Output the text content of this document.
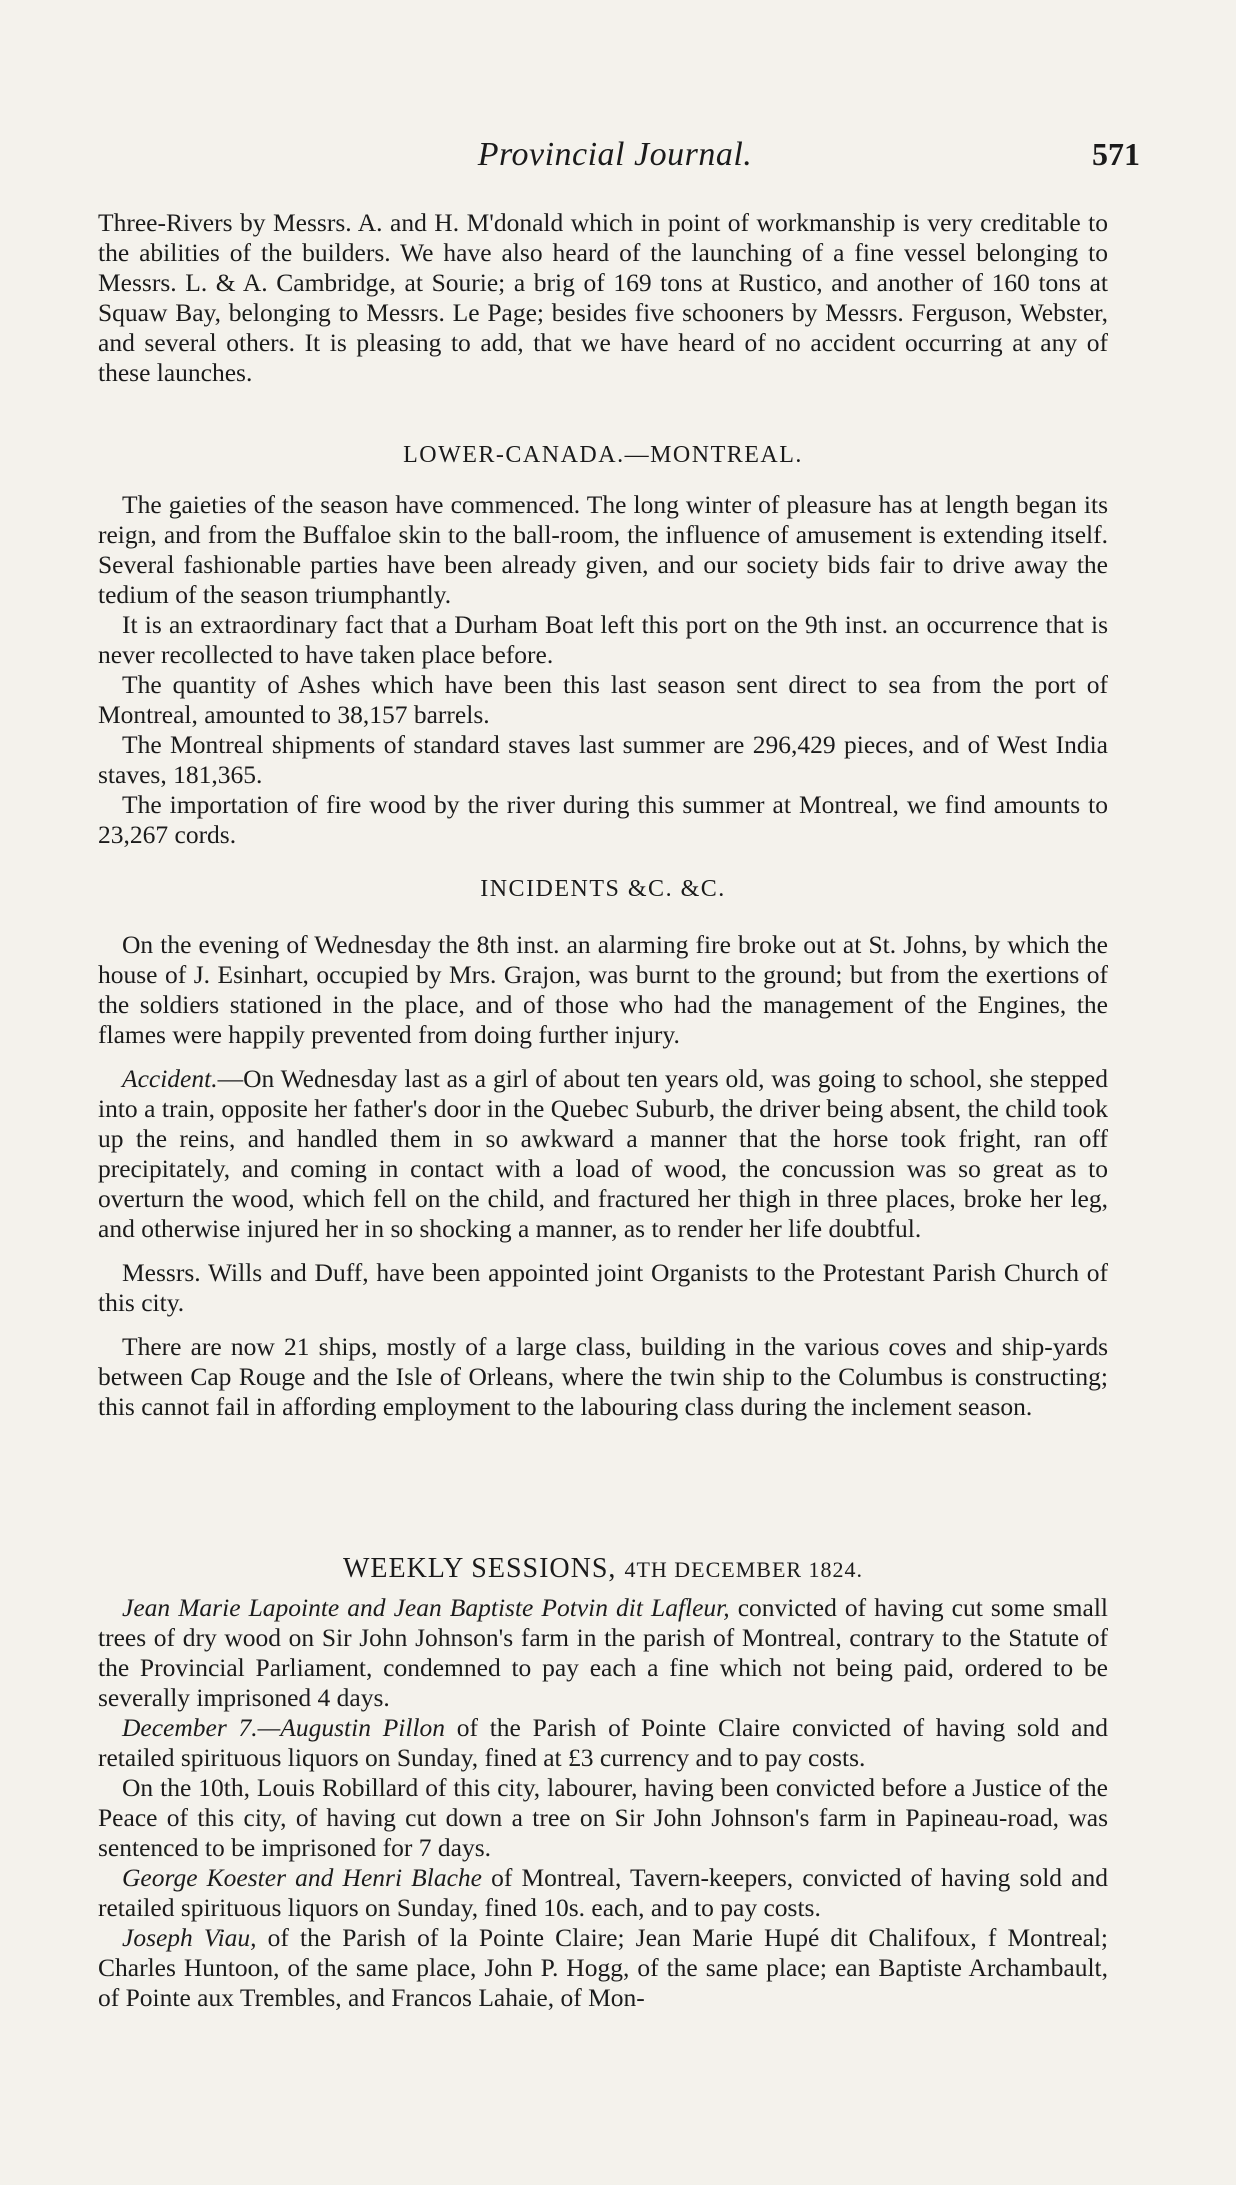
Provincial Journal.	571

Three-Rivers by Messrs. A. and H. M'donald which in point of workmanship is very creditable to the abilities of the builders. We have also heard of the launching of a fine vessel belonging to Messrs. L. & A. Cambridge, at Sourie; a brig of 169 tons at Rustico, and another of 160 tons at Squaw Bay, belonging to Messrs. Le Page; besides five schooners by Messrs. Ferguson, Webster, and several others. It is pleasing to add, that we have heard of no accident occurring at any of these launches.

LOWER-CANADA.—MONTREAL.

The gaieties of the season have commenced. The long winter of pleasure has at length began its reign, and from the Buffaloe skin to the ball-room, the influence of amusement is extending itself. Several fashionable parties have been already given, and our society bids fair to drive away the tedium of the season triumphantly.

It is an extraordinary fact that a Durham Boat left this port on the 9th inst. an occurrence that is never recollected to have taken place before.

The quantity of Ashes which have been this last season sent direct to sea from the port of Montreal, amounted to 38,157 barrels.

The Montreal shipments of standard staves last summer are 296,429 pieces, and of West India staves, 181,365.

The importation of fire wood by the river during this summer at Montreal, we find amounts to 23,267 cords.

INCIDENTS &C. &C.

On the evening of Wednesday the 8th inst. an alarming fire broke out at St. Johns, by which the house of J. Esinhart, occupied by Mrs. Grajon, was burnt to the ground; but from the exertions of the soldiers stationed in the place, and of those who had the management of the Engines, the flames were happily prevented from doing further injury.

Accident.—On Wednesday last as a girl of about ten years old, was going to school, she stepped into a train, opposite her father's door in the Quebec Suburb, the driver being absent, the child took up the reins, and handled them in so awkward a manner that the horse took fright, ran off precipitately, and coming in contact with a load of wood, the concussion was so great as to overturn the wood, which fell on the child, and fractured her thigh in three places, broke her leg, and otherwise injured her in so shocking a manner, as to render her life doubtful.

Messrs. Wills and Duff, have been appointed joint Organists to the Protestant Parish Church of this city.

There are now 21 ships, mostly of a large class, building in the various coves and ship-yards between Cap Rouge and the Isle of Orleans, where the twin ship to the Columbus is constructing; this cannot fail in affording employment to the labouring class during the inclement season.

WEEKLY SESSIONS, 4TH DECEMBER 1824.

Jean Marie Lapointe and Jean Baptiste Potvin dit Lafleur, convicted of having cut some small trees of dry wood on Sir John Johnson's farm in the parish of Montreal, contrary to the Statute of the Provincial Parliament, condemned to pay each a fine which not being paid, ordered to be severally imprisoned 4 days.

December 7.—Augustin Pillon of the Parish of Pointe Claire convicted of having sold and retailed spirituous liquors on Sunday, fined at £3 currency and to pay costs.

On the 10th, Louis Robillard of this city, labourer, having been convicted before a Justice of the Peace of this city, of having cut down a tree on Sir John Johnson's farm in Papineau-road, was sentenced to be imprisoned for 7 days.

George Koester and Henri Blache of Montreal, Tavern-keepers, convicted of having sold and retailed spirituous liquors on Sunday, fined 10s. each, and to pay costs.

Joseph Viau, of the Parish of la Pointe Claire; Jean Marie Hupé dit Chalifoux, f Montreal; Charles Huntoon, of the same place, John P. Hogg, of the same place; ean Baptiste Archambault, of Pointe aux Trembles, and Francos Lahaie, of Mon-
